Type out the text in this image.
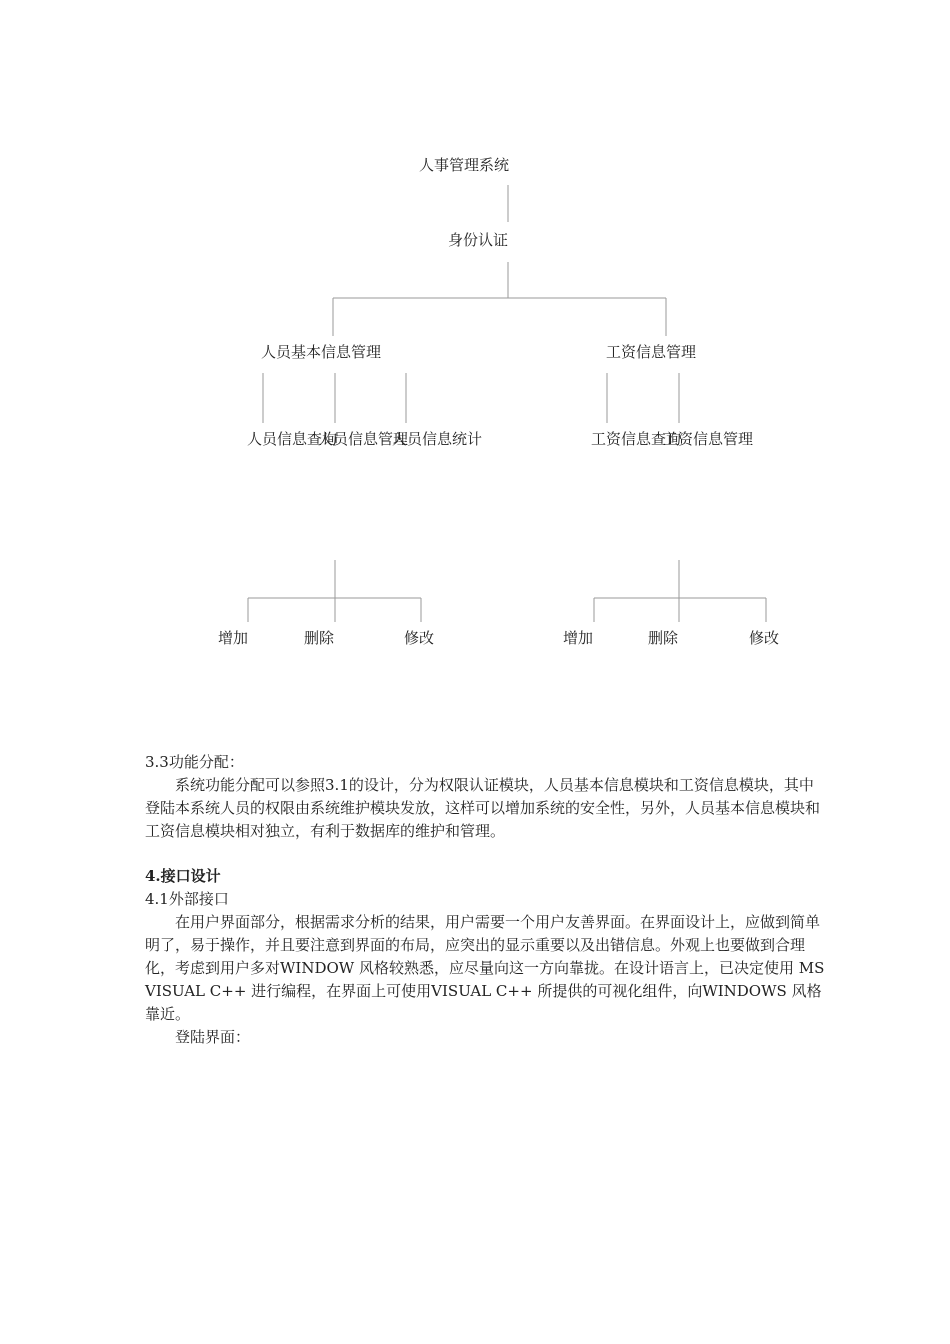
人事管理系统
身份认证
人员基本信息管理	工资信息管理
人员信息查询
人员信息管理
人员信息统计	工资信息查询
工资信息管理
增加	删除	修改	增加	删除	修改

3.3功能分配：

系统功能分配可以参照3.1的设计，分为权限认证模块，人员基本信息模块和工资信息模块，其中登陆本系统人员的权限由系统维护模块发放，这样可以增加系统的安全性，另外，人员基本信息模块和工资信息模块相对独立，有利于数据库的维护和管理。

4.接口设计

4.1外部接口

在用户界面部分，根据需求分析的结果，用户需要一个用户友善界面。在界面设计上，应做到简单明了，易于操作，并且要注意到界面的布局，应突出的显示重要以及出错信息。外观上也要做到合理化，考虑到用户多对WINDOW 风格较熟悉，应尽量向这一方向靠拢。在设计语言上，已决定使用 MS VISUAL C++ 进行编程，在界面上可使用VISUAL C++ 所提供的可视化组件，向WINDOWS 风格靠近。

登陆界面：
